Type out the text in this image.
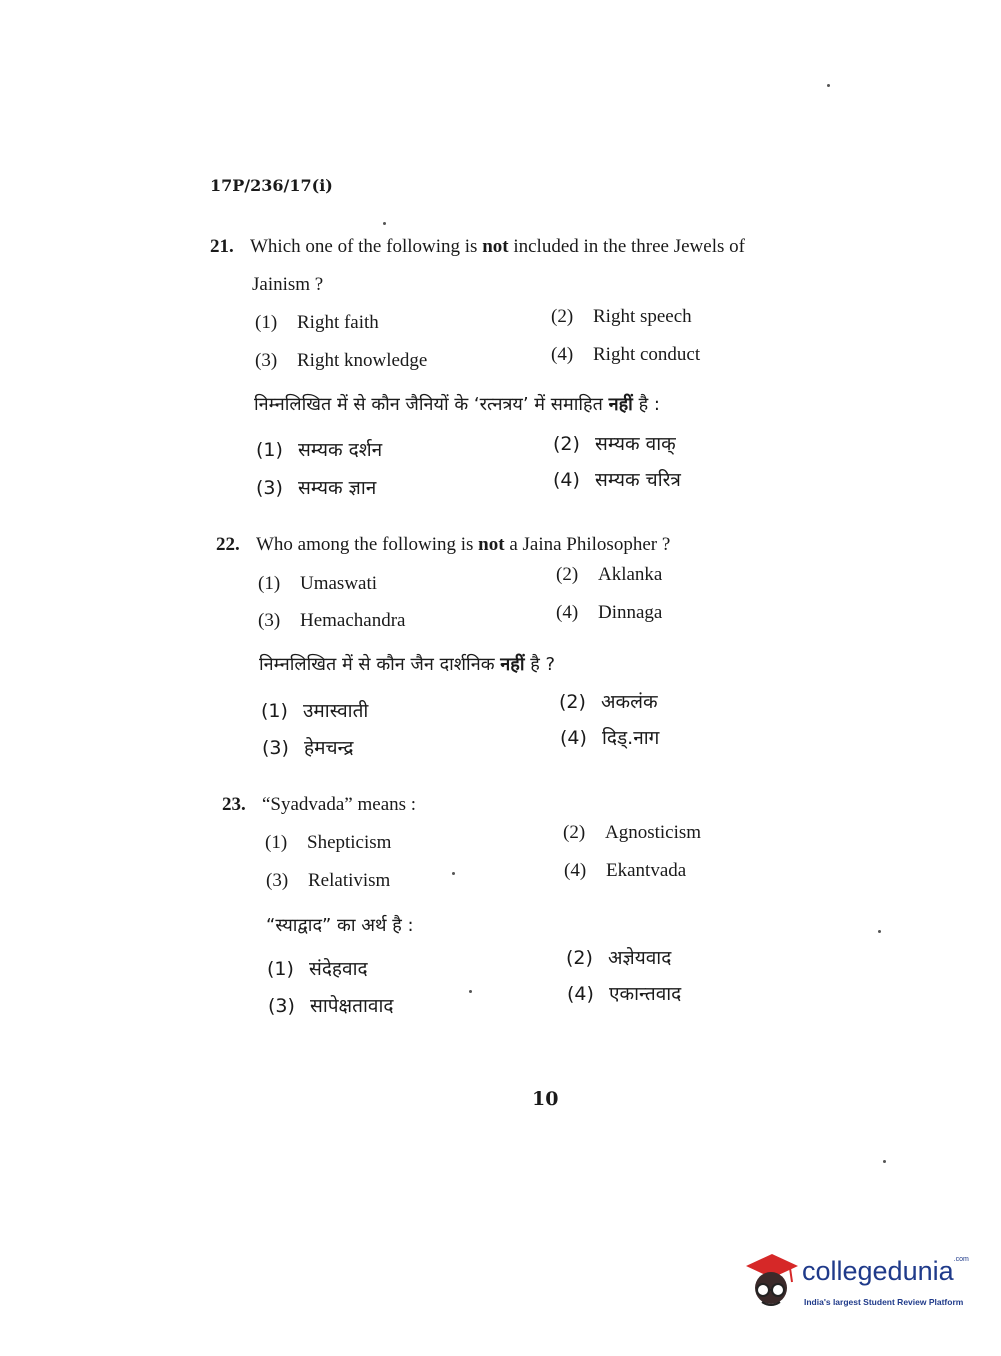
17P/236/17(i)
21. Which one of the following is not included in the three Jewels of
Jainism ?
(1) Right faith	(2) Right speech
(3) Right knowledge	(4) Right conduct
निम्नलिखित में से कौन जैनियों के ‘रत्नत्रय’ में समाहित नहीं है :
(1) सम्यक दर्शन	(2) सम्यक वाक्
(3) सम्यक ज्ञान	(4) सम्यक चरित्र
22. Who among the following is not a Jaina Philosopher ?
(1) Umaswati	(2) Aklanka
(3) Hemachandra	(4) Dinnaga
निम्नलिखित में से कौन जैन दार्शनिक नहीं है ?
(1) उमास्वाती	(2) अकलंक
(3) हेमचन्द्र	(4) दिड्.नाग
23. “Syadvada” means :
(1) Shepticism	(2) Agnosticism
(3) Relativism	(4) Ekantvada
“स्याद्वाद” का अर्थ है :
(1) संदेहवाद	(2) अज्ञेयवाद
(3) सापेक्षतावाद
(4) एकान्तवाद
10
collegedunia$^{.com}$
India's largest Student Review Platform
